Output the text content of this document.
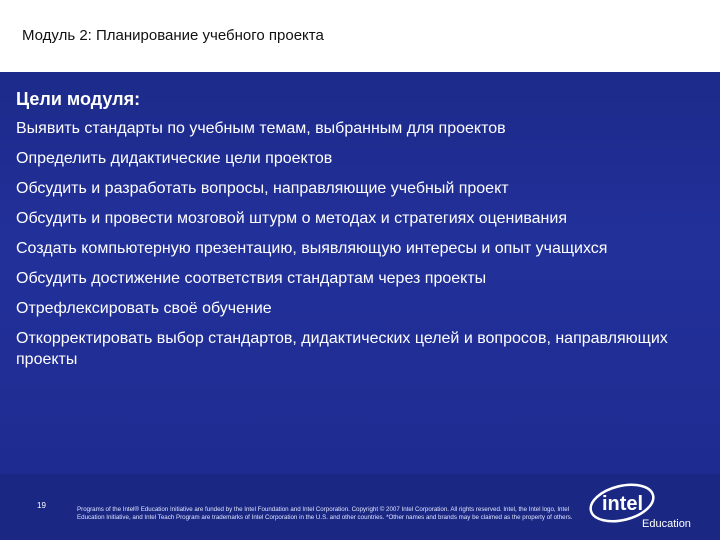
Модуль 2: Планирование учебного проекта
Цели модуля:
Выявить стандарты по учебным темам, выбранным для проектов
Определить дидактические цели проектов
Обсудить и разработать вопросы, направляющие учебный проект
Обсудить и провести мозговой штурм о методах и стратегиях оценивания
Создать компьютерную презентацию, выявляющую интересы и опыт учащихся
Обсудить достижение соответствия стандартам через проекты
Отрефлексировать своё обучение
Откорректировать выбор стандартов, дидактических целей и вопросов, направляющих проекты
19	Programs of the Intel® Education Initiative are funded by the Intel Foundation and Intel Corporation. Copyright © 2007 Intel Corporation. All rights reserved. Intel, the Intel logo, Intel Education Initiative, and Intel Teach Program are trademarks of Intel Corporation in the U.S. and other countries. *Other names and brands may be claimed as the property of others.
intel
Education
